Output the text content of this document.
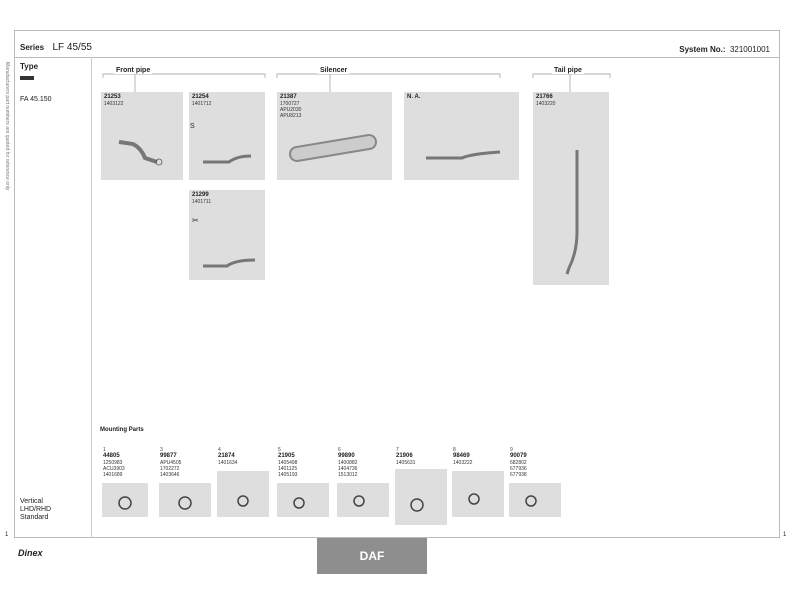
Series LF 45/55	System No.: 321001001
Type
FA 45.150
Vertical
LHD/RHD
Standard
Manufacturers part numbers are quoted for reference only
1	1
Dinex	DAF
Front pipe	Silencer	Tail pipe
21253
1403122
21254
1401712
S
21387
1700727
APU2030
APU8213
N. A.	21766
1403220
21299
1401711
✂
Mounting Parts
1
44805
1250983
ACU3903
1401689
3
99877
APU4505
1702272
1403646
4
21874
1401634
5
21905
1405498
1401125
1405193
6
99890
1400882
1404736
1513012
7
21906
1405631
8
98469
1403222
9
90079
682802
677936
677938
